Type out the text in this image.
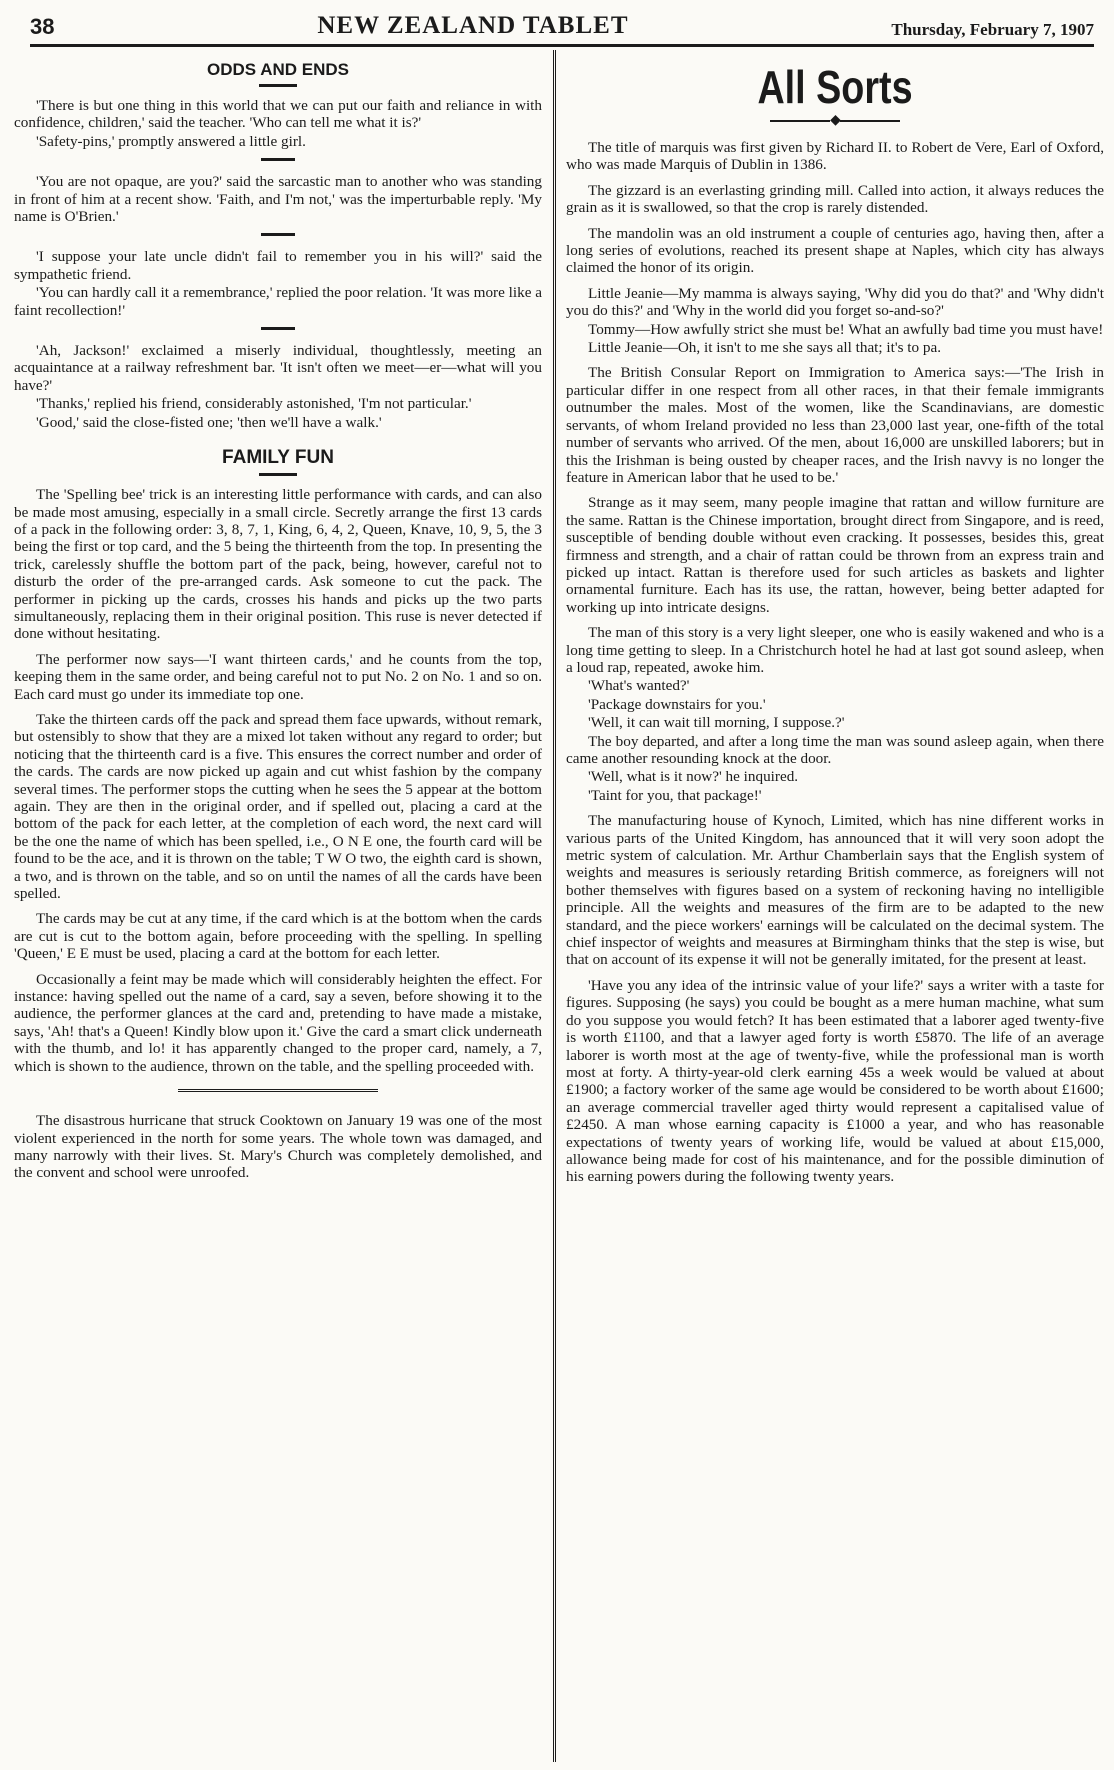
38	NEW ZEALAND TABLET	Thursday, February 7, 1907
ODDS AND ENDS

'There is but one thing in this world that we can put our faith and reliance in with confidence, children,' said the teacher. 'Who can tell me what it is?'

'Safety-pins,' promptly answered a little girl.

'You are not opaque, are you?' said the sarcastic man to another who was standing in front of him at a recent show. 'Faith, and I'm not,' was the imperturbable reply. 'My name is O'Brien.'

'I suppose your late uncle didn't fail to remember you in his will?' said the sympathetic friend.

'You can hardly call it a remembrance,' replied the poor relation. 'It was more like a faint recollection!'

'Ah, Jackson!' exclaimed a miserly individual, thoughtlessly, meeting an acquaintance at a railway refreshment bar. 'It isn't often we meet—er—what will you have?'

'Thanks,' replied his friend, considerably astonished, 'I'm not particular.'

'Good,' said the close-fisted one; 'then we'll have a walk.'

FAMILY FUN

The 'Spelling bee' trick is an interesting little performance with cards, and can also be made most amusing, especially in a small circle. Secretly arrange the first 13 cards of a pack in the following order: 3, 8, 7, 1, King, 6, 4, 2, Queen, Knave, 10, 9, 5, the 3 being the first or top card, and the 5 being the thirteenth from the top. In presenting the trick, carelessly shuffle the bottom part of the pack, being, however, careful not to disturb the order of the pre-arranged cards. Ask someone to cut the pack. The performer in picking up the cards, crosses his hands and picks up the two parts simultaneously, replacing them in their original position. This ruse is never detected if done without hesitating.

The performer now says—'I want thirteen cards,' and he counts from the top, keeping them in the same order, and being careful not to put No. 2 on No. 1 and so on. Each card must go under its immediate top one.

Take the thirteen cards off the pack and spread them face upwards, without remark, but ostensibly to show that they are a mixed lot taken without any regard to order; but noticing that the thirteenth card is a five. This ensures the correct number and order of the cards. The cards are now picked up again and cut whist fashion by the company several times. The performer stops the cutting when he sees the 5 appear at the bottom again. They are then in the original order, and if spelled out, placing a card at the bottom of the pack for each letter, at the completion of each word, the next card will be the one the name of which has been spelled, i.e., O N E one, the fourth card will be found to be the ace, and it is thrown on the table; T W O two, the eighth card is shown, a two, and is thrown on the table, and so on until the names of all the cards have been spelled.

The cards may be cut at any time, if the card which is at the bottom when the cards are cut is cut to the bottom again, before proceeding with the spelling. In spelling 'Queen,' E E must be used, placing a card at the bottom for each letter.

Occasionally a feint may be made which will considerably heighten the effect. For instance: having spelled out the name of a card, say a seven, before showing it to the audience, the performer glances at the card and, pretending to have made a mistake, says, 'Ah! that's a Queen! Kindly blow upon it.' Give the card a smart click underneath with the thumb, and lo! it has apparently changed to the proper card, namely, a 7, which is shown to the audience, thrown on the table, and the spelling proceeded with.

The disastrous hurricane that struck Cooktown on January 19 was one of the most violent experienced in the north for some years. The whole town was damaged, and many narrowly with their lives. St. Mary's Church was completely demolished, and the convent and school were unroofed.

All Sorts
◆

The title of marquis was first given by Richard II. to Robert de Vere, Earl of Oxford, who was made Marquis of Dublin in 1386.

The gizzard is an everlasting grinding mill. Called into action, it always reduces the grain as it is swallowed, so that the crop is rarely distended.

The mandolin was an old instrument a couple of centuries ago, having then, after a long series of evolutions, reached its present shape at Naples, which city has always claimed the honor of its origin.

Little Jeanie—My mamma is always saying, 'Why did you do that?' and 'Why didn't you do this?' and 'Why in the world did you forget so-and-so?'

Tommy—How awfully strict she must be! What an awfully bad time you must have!

Little Jeanie—Oh, it isn't to me she says all that; it's to pa.

The British Consular Report on Immigration to America says:—'The Irish in particular differ in one respect from all other races, in that their female immigrants outnumber the males. Most of the women, like the Scandinavians, are domestic servants, of whom Ireland provided no less than 23,000 last year, one-fifth of the total number of servants who arrived. Of the men, about 16,000 are unskilled laborers; but in this the Irishman is being ousted by cheaper races, and the Irish navvy is no longer the feature in American labor that he used to be.'

Strange as it may seem, many people imagine that rattan and willow furniture are the same. Rattan is the Chinese importation, brought direct from Singapore, and is reed, susceptible of bending double without even cracking. It possesses, besides this, great firmness and strength, and a chair of rattan could be thrown from an express train and picked up intact. Rattan is therefore used for such articles as baskets and lighter ornamental furniture. Each has its use, the rattan, however, being better adapted for working up into intricate designs.

The man of this story is a very light sleeper, one who is easily wakened and who is a long time getting to sleep. In a Christchurch hotel he had at last got sound asleep, when a loud rap, repeated, awoke him.

'What's wanted?'

'Package downstairs for you.'

'Well, it can wait till morning, I suppose.?'

The boy departed, and after a long time the man was sound asleep again, when there came another resounding knock at the door.

'Well, what is it now?' he inquired.

'Taint for you, that package!'

The manufacturing house of Kynoch, Limited, which has nine different works in various parts of the United Kingdom, has announced that it will very soon adopt the metric system of calculation. Mr. Arthur Chamberlain says that the English system of weights and measures is seriously retarding British commerce, as foreigners will not bother themselves with figures based on a system of reckoning having no intelligible principle. All the weights and measures of the firm are to be adapted to the new standard, and the piece workers' earnings will be calculated on the decimal system. The chief inspector of weights and measures at Birmingham thinks that the step is wise, but that on account of its expense it will not be generally imitated, for the present at least.

'Have you any idea of the intrinsic value of your life?' says a writer with a taste for figures. Supposing (he says) you could be bought as a mere human machine, what sum do you suppose you would fetch? It has been estimated that a laborer aged twenty-five is worth £1100, and that a lawyer aged forty is worth £5870. The life of an average laborer is worth most at the age of twenty-five, while the professional man is worth most at forty. A thirty-year-old clerk earning 45s a week would be valued at about £1900; a factory worker of the same age would be considered to be worth about £1600; an average commercial traveller aged thirty would represent a capitalised value of £2450. A man whose earning capacity is £1000 a year, and who has reasonable expectations of twenty years of working life, would be valued at about £15,000, allowance being made for cost of his maintenance, and for the possible diminution of his earning powers during the following twenty years.
